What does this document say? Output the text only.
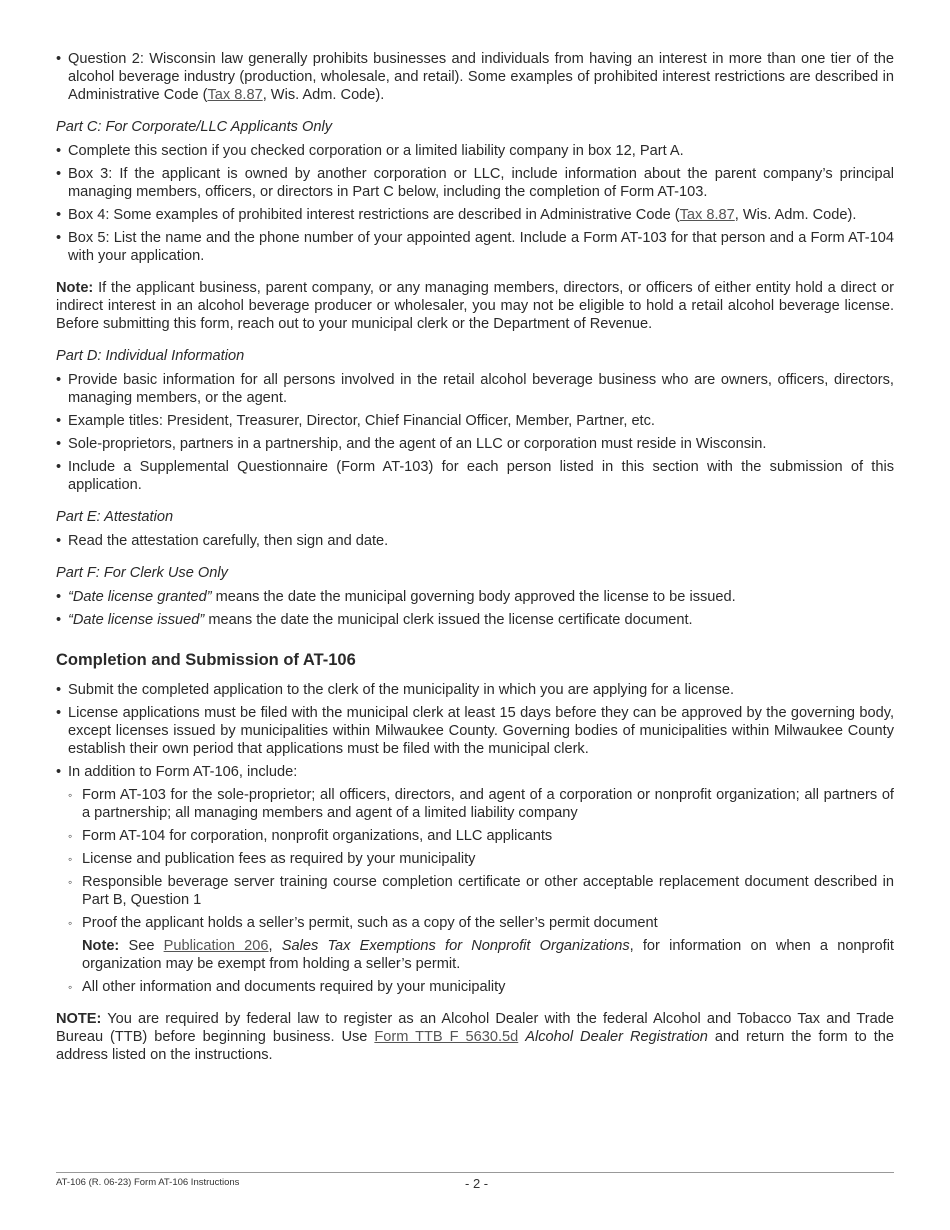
• Question 2: Wisconsin law generally prohibits businesses and individuals from having an interest in more than one tier of the alcohol beverage industry (production, wholesale, and retail). Some examples of prohibited interest restrictions are described in Administrative Code (Tax 8.87, Wis. Adm. Code).

Part C: For Corporate/LLC Applicants Only

• Complete this section if you checked corporation or a limited liability company in box 12, Part A.

• Box 3: If the applicant is owned by another corporation or LLC, include information about the parent company’s principal managing members, officers, or directors in Part C below, including the completion of Form AT-103.

• Box 4: Some examples of prohibited interest restrictions are described in Administrative Code (Tax 8.87, Wis. Adm. Code).

• Box 5: List the name and the phone number of your appointed agent. Include a Form AT-103 for that person and a Form AT-104 with your application.

Note: If the applicant business, parent company, or any managing members, directors, or officers of either entity hold a direct or indirect interest in an alcohol beverage producer or wholesaler, you may not be eligible to hold a retail alcohol beverage license. Before submitting this form, reach out to your municipal clerk or the Department of Revenue.

Part D: Individual Information

• Provide basic information for all persons involved in the retail alcohol beverage business who are owners, officers, directors, managing members, or the agent.

• Example titles: President, Treasurer, Director, Chief Financial Officer, Member, Partner, etc.

• Sole-proprietors, partners in a partnership, and the agent of an LLC or corporation must reside in Wisconsin.

• Include a Supplemental Questionnaire (Form AT-103) for each person listed in this section with the submission of this application.

Part E: Attestation

• Read the attestation carefully, then sign and date.

Part F: For Clerk Use Only

• “Date license granted” means the date the municipal governing body approved the license to be issued.

• “Date license issued” means the date the municipal clerk issued the license certificate document.

Completion and Submission of AT-106

• Submit the completed application to the clerk of the municipality in which you are applying for a license.

• License applications must be filed with the municipal clerk at least 15 days before they can be approved by the governing body, except licenses issued by municipalities within Milwaukee County. Governing bodies of municipalities within Milwaukee County establish their own period that applications must be filed with the municipal clerk.

• In addition to Form AT-106, include:

◦ Form AT-103 for the sole-proprietor; all officers, directors, and agent of a corporation or nonprofit organization; all partners of a partnership; all managing members and agent of a limited liability company

◦ Form AT-104 for corporation, nonprofit organizations, and LLC applicants

◦ License and publication fees as required by your municipality

◦ Responsible beverage server training course completion certificate or other acceptable replacement document described in Part B, Question 1

◦ Proof the applicant holds a seller’s permit, such as a copy of the seller’s permit document

Note: See Publication 206, Sales Tax Exemptions for Nonprofit Organizations, for information on when a nonprofit organization may be exempt from holding a seller’s permit.

◦ All other information and documents required by your municipality

NOTE: You are required by federal law to register as an Alcohol Dealer with the federal Alcohol and Tobacco Tax and Trade Bureau (TTB) before beginning business. Use Form TTB F 5630.5d Alcohol Dealer Registration and return the form to the address listed on the instructions.

AT-106 (R. 06-23) Form AT-106 Instructions	- 2 -
